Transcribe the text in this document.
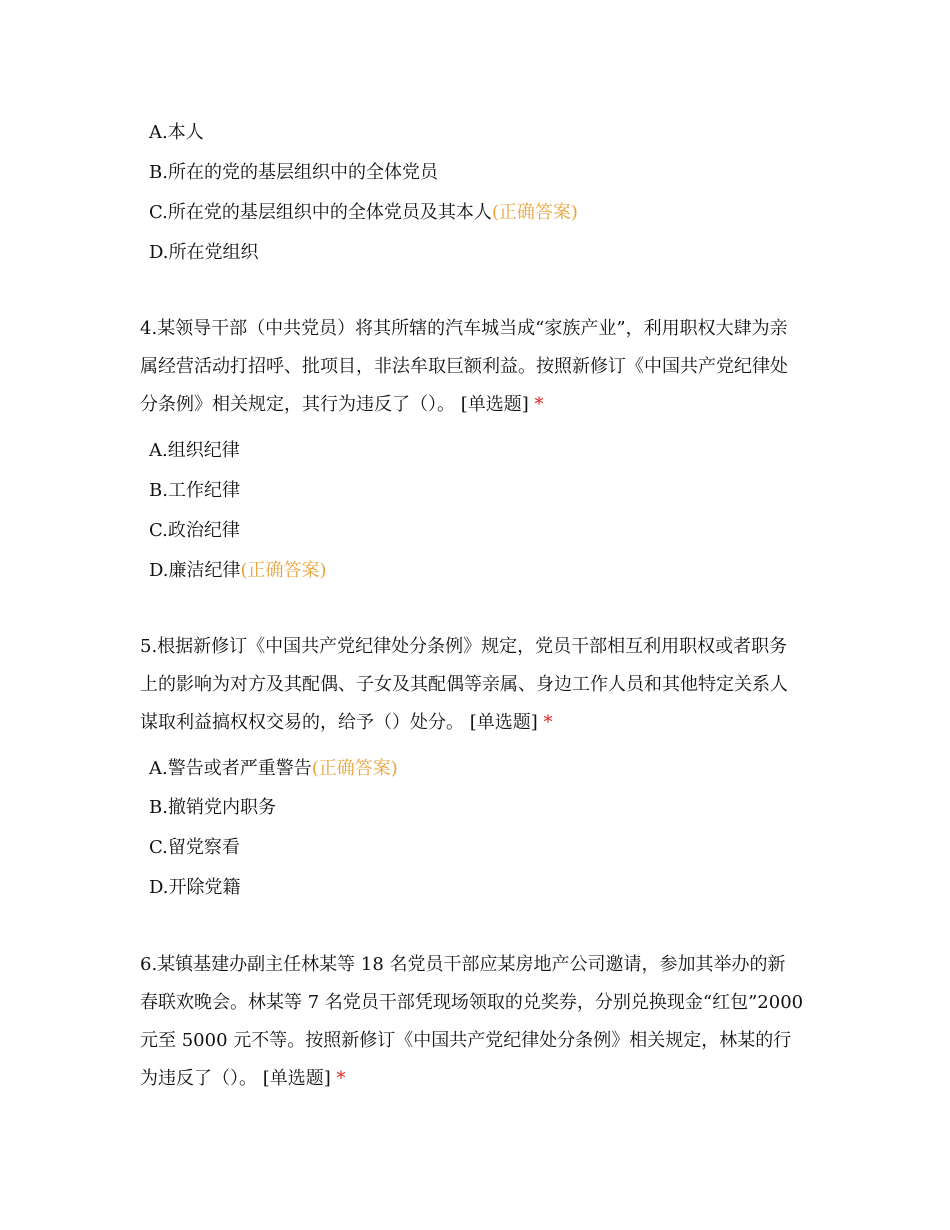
A.本人
B.所在的党的基层组织中的全体党员
C.所在党的基层组织中的全体党员及其本人(正确答案)
D.所在党组织
4.某领导干部（中共党员）将其所辖的汽车城当成“家族产业”，利用职权大肆为亲
属经营活动打招呼、批项目，非法牟取巨额利益。按照新修订《中国共产党纪律处
分条例》相关规定，其行为违反了（）。 [单选题] *
A.组织纪律
B.工作纪律
C.政治纪律
D.廉洁纪律(正确答案)
5.根据新修订《中国共产党纪律处分条例》规定，党员干部相互利用职权或者职务
上的影响为对方及其配偶、子女及其配偶等亲属、身边工作人员和其他特定关系人
谋取利益搞权权交易的，给予（）处分。 [单选题] *
A.警告或者严重警告(正确答案)
B.撤销党内职务
C.留党察看
D.开除党籍
6.某镇基建办副主任林某等 18 名党员干部应某房地产公司邀请，参加其举办的新
春联欢晚会。林某等 7 名党员干部凭现场领取的兑奖券，分别兑换现金“红包”2000
元至 5000 元不等。按照新修订《中国共产党纪律处分条例》相关规定，林某的行
为违反了（）。 [单选题] *
